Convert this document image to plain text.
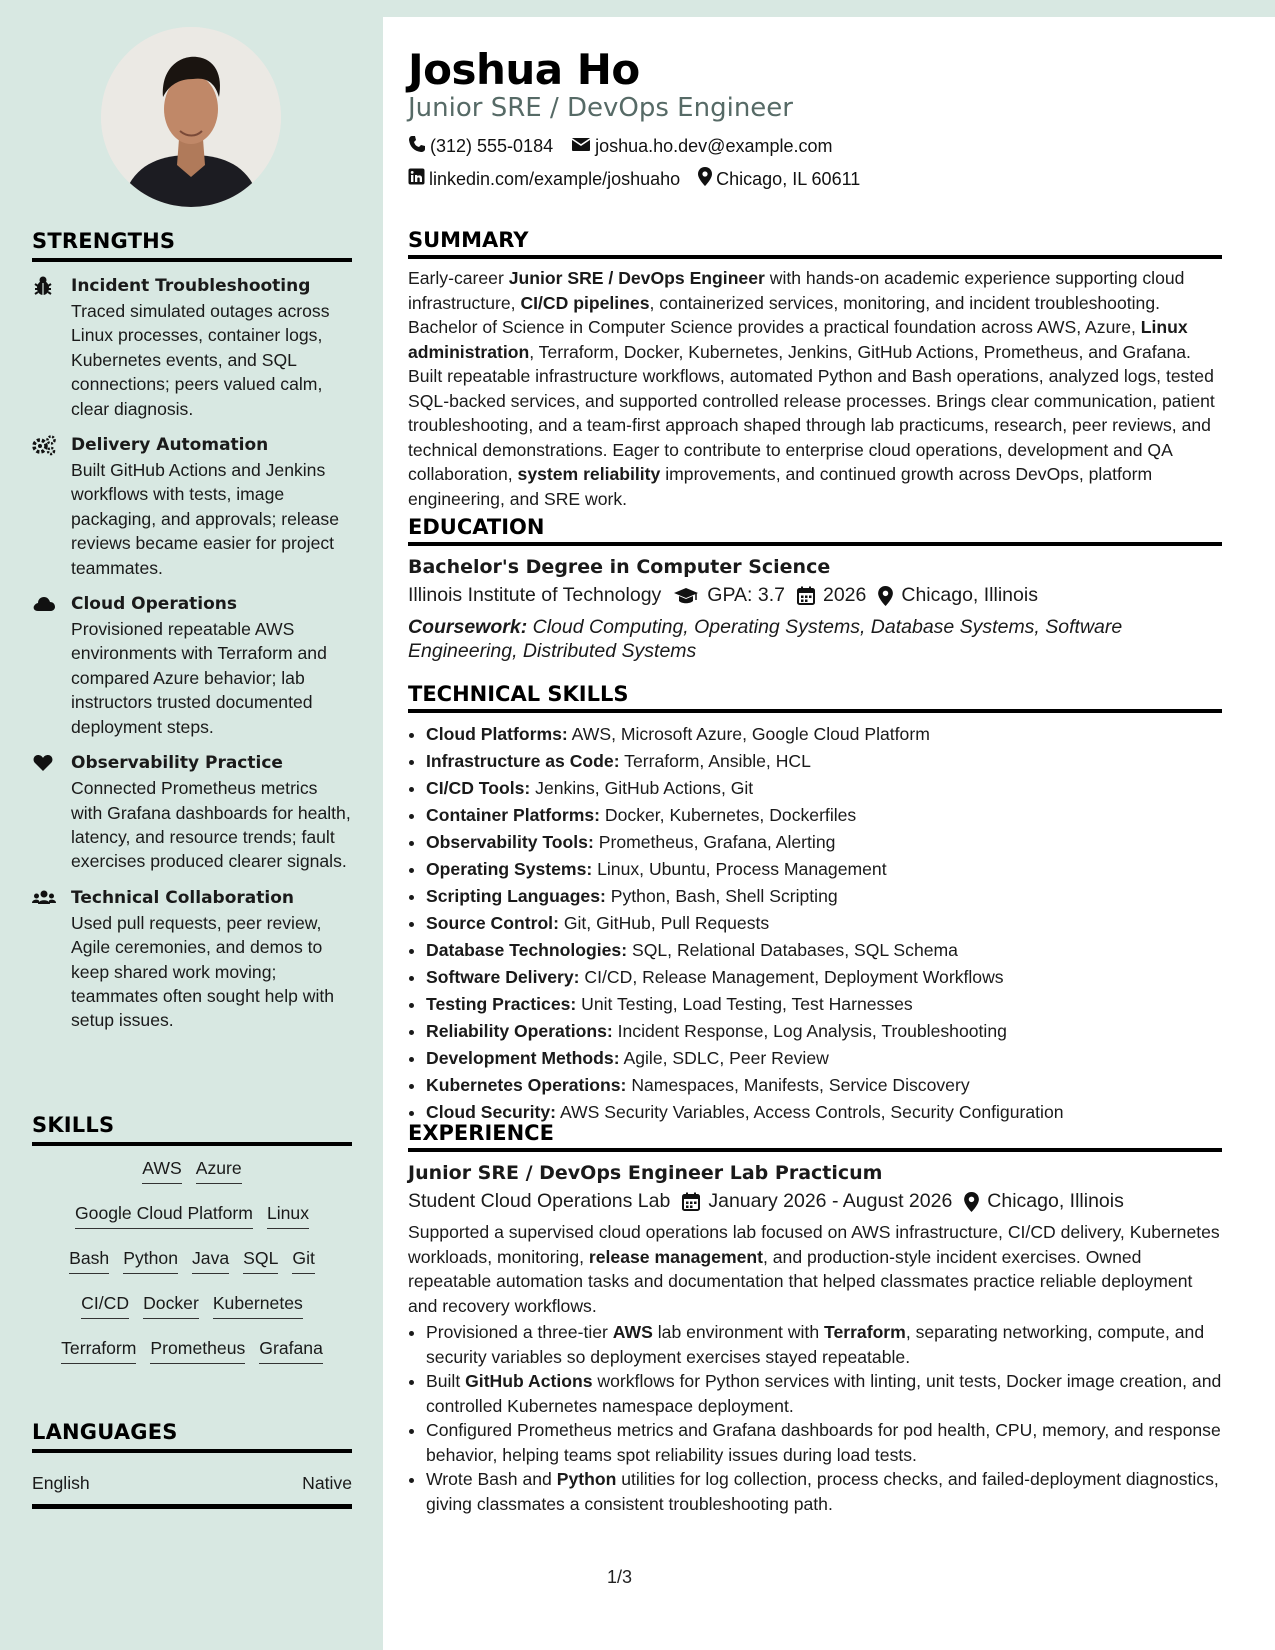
STRENGTHS
Incident Troubleshooting
Traced simulated outages across Linux processes, container logs, Kubernetes events, and SQL connections; peers valued calm, clear diagnosis.
Delivery Automation
Built GitHub Actions and Jenkins workflows with tests, image packaging, and approvals; release reviews became easier for project teammates.
Cloud Operations
Provisioned repeatable AWS environments with Terraform and compared Azure behavior; lab instructors trusted documented deployment steps.
Observability Practice
Connected Prometheus metrics with Grafana dashboards for health, latency, and resource trends; fault exercises produced clearer signals.
Technical Collaboration
Used pull requests, peer review, Agile ceremonies, and demos to keep shared work moving; teammates often sought help with setup issues.
SKILLS
AWS Azure
Google Cloud Platform Linux
Bash Python Java SQL Git
CI/CD Docker Kubernetes
Terraform Prometheus Grafana
LANGUAGES
English	Native
Joshua Ho
Junior SRE / DevOps Engineer
(312) 555-0184 joshua.ho.dev@example.com
linkedin.com/example/joshuaho Chicago, IL 60611
SUMMARY

Early-career Junior SRE / DevOps Engineer with hands-on academic experience supporting cloud infrastructure, CI/CD pipelines, containerized services, monitoring, and incident troubleshooting. Bachelor of Science in Computer Science provides a practical foundation across AWS, Azure, Linux administration, Terraform, Docker, Kubernetes, Jenkins, GitHub Actions, Prometheus, and Grafana. Built repeatable infrastructure workflows, automated Python and Bash operations, analyzed logs, tested SQL-backed services, and supported controlled release processes. Brings clear communication, patient troubleshooting, and a team-first approach shaped through lab practicums, research, peer reviews, and technical demonstrations. Eager to contribute to enterprise cloud operations, development and QA collaboration, system reliability improvements, and continued growth across DevOps, platform engineering, and SRE work.

EDUCATION
Bachelor's Degree in Computer Science
Illinois Institute of Technology GPA: 3.7 2026 Chicago, Illinois
Coursework: Cloud Computing, Operating Systems, Database Systems, Software Engineering, Distributed Systems
TECHNICAL SKILLS
• Cloud Platforms: AWS, Microsoft Azure, Google Cloud Platform
• Infrastructure as Code: Terraform, Ansible, HCL
• CI/CD Tools: Jenkins, GitHub Actions, Git
• Container Platforms: Docker, Kubernetes, Dockerfiles
• Observability Tools: Prometheus, Grafana, Alerting
• Operating Systems: Linux, Ubuntu, Process Management
• Scripting Languages: Python, Bash, Shell Scripting
• Source Control: Git, GitHub, Pull Requests
• Database Technologies: SQL, Relational Databases, SQL Schema
• Software Delivery: CI/CD, Release Management, Deployment Workflows
• Testing Practices: Unit Testing, Load Testing, Test Harnesses
• Reliability Operations: Incident Response, Log Analysis, Troubleshooting
• Development Methods: Agile, SDLC, Peer Review
• Kubernetes Operations: Namespaces, Manifests, Service Discovery
• Cloud Security: AWS Security Variables, Access Controls, Security Configuration
EXPERIENCE
Junior SRE / DevOps Engineer Lab Practicum
Student Cloud Operations Lab January 2026 - August 2026 Chicago, Illinois

Supported a supervised cloud operations lab focused on AWS infrastructure, CI/CD delivery, Kubernetes workloads, monitoring, release management, and production-style incident exercises. Owned repeatable automation tasks and documentation that helped classmates practice reliable deployment and recovery workflows.

• Provisioned a three-tier AWS lab environment with Terraform, separating networking, compute, and security variables so deployment exercises stayed repeatable.
• Built GitHub Actions workflows for Python services with linting, unit tests, Docker image creation, and controlled Kubernetes namespace deployment.
• Configured Prometheus metrics and Grafana dashboards for pod health, CPU, memory, and response behavior, helping teams spot reliability issues during load tests.
• Wrote Bash and Python utilities for log collection, process checks, and failed-deployment diagnostics, giving classmates a consistent troubleshooting path.
1/3
